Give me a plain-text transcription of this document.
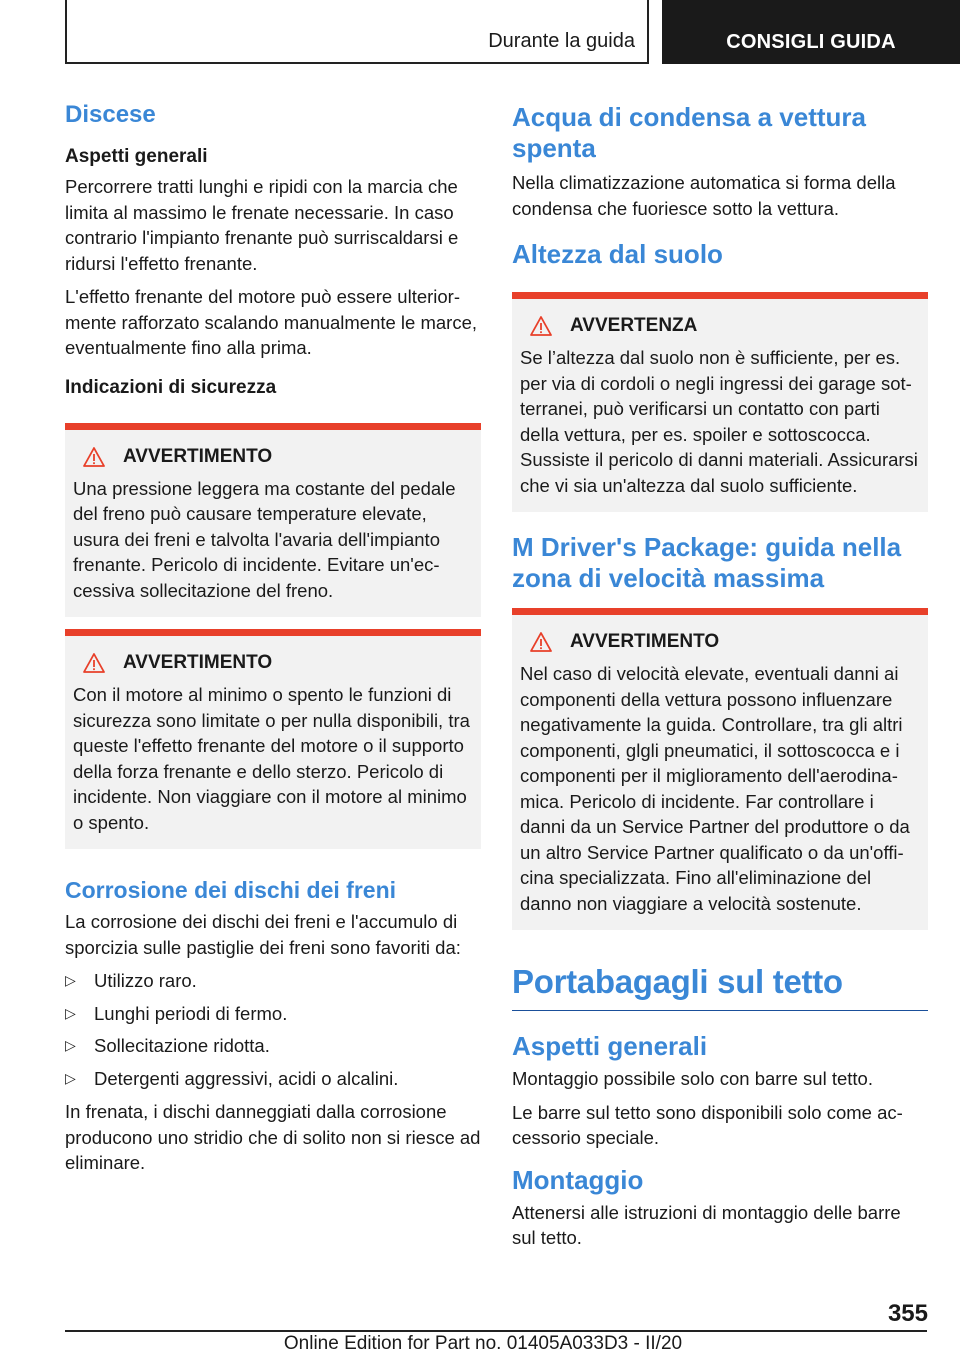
Durante la guida	CONSIGLI GUIDA
Discese
Aspetti generali

Percorrere tratti lunghi e ripidi con la marcia che limita al massimo le frenate necessarie. In caso contrario l'impianto frenante può surriscaldarsi e ridursi l'effetto frenante.

L'effetto frenante del motore può essere ulteriormente rafforzato scalando manualmente le marce, eventualmente fino alla prima.

Indicazioni di sicurezza
AVVERTIMENTO

Una pressione leggera ma costante del pedale del freno può causare temperature elevate, usura dei freni e talvolta l'avaria dell'impianto frenante. Pericolo di incidente. Evitare un'eccessiva sollecitazione del freno.

AVVERTIMENTO

Con il motore al minimo o spento le funzioni di sicurezza sono limitate o per nulla disponibili, tra queste l'effetto frenante del motore o il supporto della forza frenante e dello sterzo. Pericolo di incidente. Non viaggiare con il motore al minimo o spento.

Corrosione dei dischi dei freni

La corrosione dei dischi dei freni e l'accumulo di sporcizia sulle pastiglie dei freni sono favoriti da:

▷ Utilizzo raro.
▷ Lunghi periodi di fermo.
▷ Sollecitazione ridotta.
▷ Detergenti aggressivi, acidi o alcalini.

In frenata, i dischi danneggiati dalla corrosione producono uno stridio che di solito non si riesce ad eliminare.

Acqua di condensa a vettura spenta

Nella climatizzazione automatica si forma della condensa che fuoriesce sotto la vettura.

Altezza dal suolo
AVVERTENZA

Se l’altezza dal suolo non è sufficiente, per es. per via di cordoli o negli ingressi dei garage sotterranei, può verificarsi un contatto con parti della vettura, per es. spoiler e sottoscocca. Sussiste il pericolo di danni materiali. Assicurarsi che vi sia un'altezza dal suolo sufficiente.

M Driver's Package: guida nella zona di velocità massima
AVVERTIMENTO

Nel caso di velocità elevate, eventuali danni ai componenti della vettura possono influenzare negativamente la guida. Controllare, tra gli altri componenti, glgli pneumatici, il sottoscocca e i componenti per il miglioramento dell'aerodinamica. Pericolo di incidente. Far controllare i danni da un Service Partner del produttore o da un altro Service Partner qualificato o da un'officina specializzata. Fino all'eliminazione del danno non viaggiare a velocità sostenute.

Portabagagli sul tetto
Aspetti generali

Montaggio possibile solo con barre sul tetto.

Le barre sul tetto sono disponibili solo come accessorio speciale.

Montaggio

Attenersi alle istruzioni di montaggio delle barre sul tetto.

355
Online Edition for Part no. 01405A033D3 - II/20
